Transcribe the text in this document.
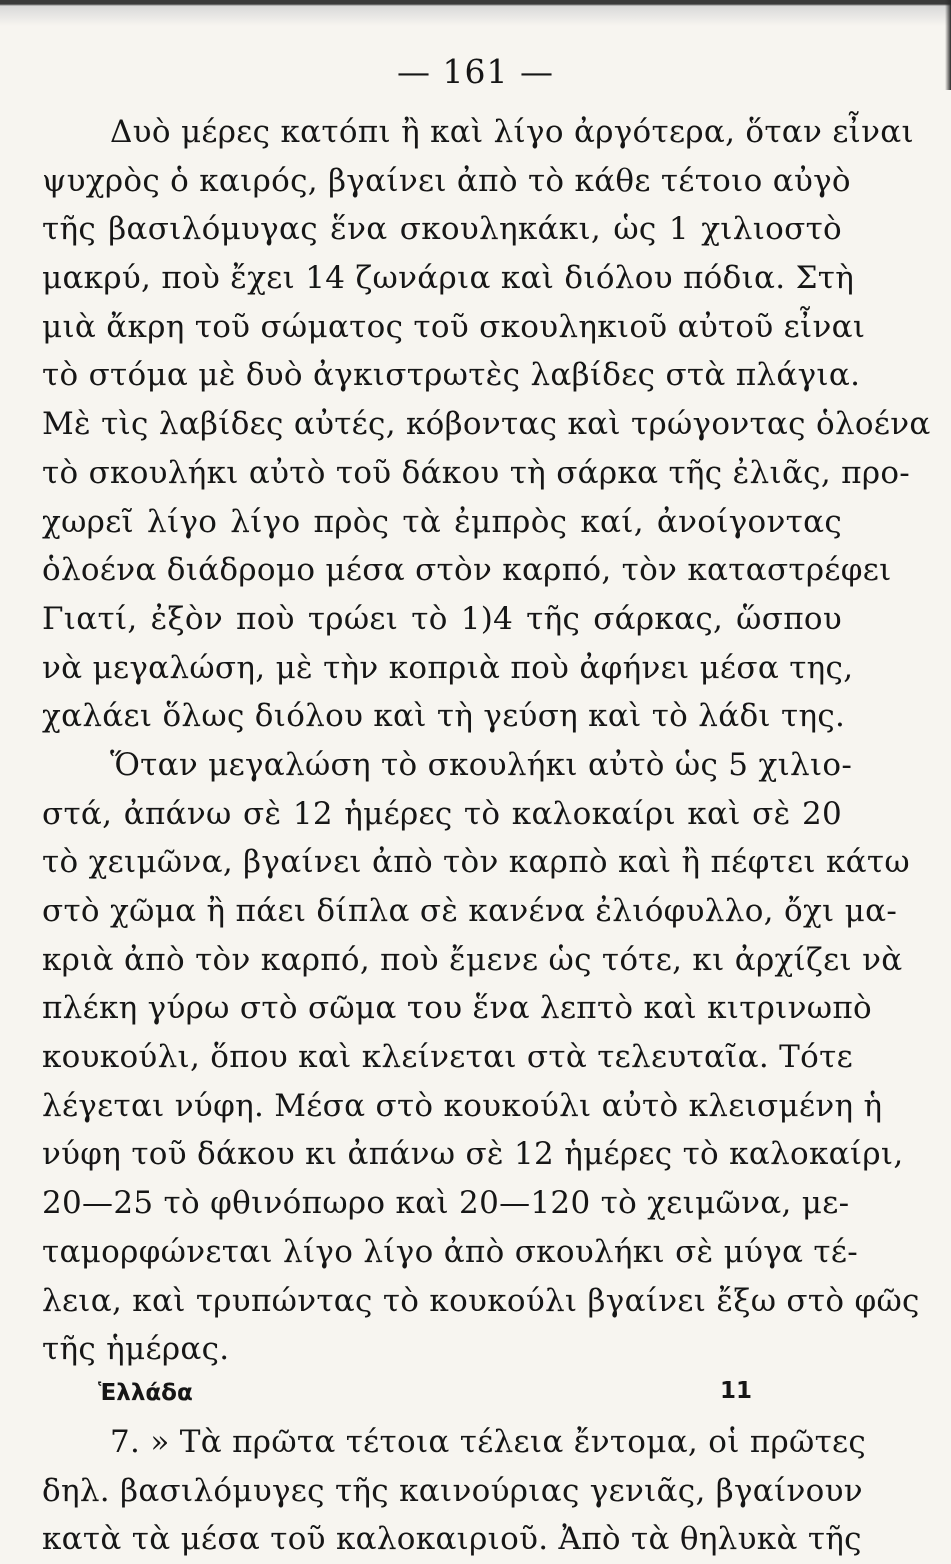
— 161 —
Δυὸ μέρες κατόπι ἢ καὶ λίγο ἀργότερα, ὅταν εἶναι
ψυχρὸς ὁ καιρός, βγαίνει ἀπὸ τὸ κάθε τέτοιο αὐγὸ
τῆς βασιλόμυγας ἕνα σκουληκάκι, ὡς 1 χιλιοστὸ
μακρύ, ποὺ ἔχει 14 ζωνάρια καὶ διόλου πόδια. Στὴ
μιὰ ἄκρη τοῦ σώματος τοῦ σκουληκιοῦ αὐτοῦ εἶναι
τὸ στόμα μὲ δυὸ ἀγκιστρωτὲς λαβίδες στὰ πλάγια.
Μὲ τὶς λαβίδες αὐτές, κόβοντας καὶ τρώγοντας ὁλοένα
τὸ σκουλήκι αὐτὸ τοῦ δάκου τὴ σάρκα τῆς ἐλιᾶς, προ-
χωρεῖ λίγο λίγο πρὸς τὰ ἐμπρὸς καί, ἀνοίγοντας
ὁλοένα διάδρομο μέσα στὸν καρπό, τὸν καταστρέφει
Γιατί, ἐξὸν ποὺ τρώει τὸ 1)4 τῆς σάρκας, ὥσπου
νὰ μεγαλώση, μὲ τὴν κοπριὰ ποὺ ἀφήνει μέσα της,
χαλάει ὅλως διόλου καὶ τὴ γεύση καὶ τὸ λάδι της.
Ὅταν μεγαλώση τὸ σκουλήκι αὐτὸ ὡς 5 χιλιο-
στά, ἀπάνω σὲ 12 ἡμέρες τὸ καλοκαίρι καὶ σὲ 20
τὸ χειμῶνα, βγαίνει ἀπὸ τὸν καρπὸ καὶ ἢ πέφτει κάτω
στὸ χῶμα ἢ πάει δίπλα σὲ κανένα ἐλιόφυλλο, ὄχι μα-
κριὰ ἀπὸ τὸν καρπό, ποὺ ἔμενε ὡς τότε, κι ἀρχίζει νὰ
πλέκη γύρω στὸ σῶμα του ἕνα λεπτὸ καὶ κιτρινωπὸ
κουκούλι, ὅπου καὶ κλείνεται στὰ τελευταῖα. Τότε
λέγεται νύφη. Μέσα στὸ κουκούλι αὐτὸ κλεισμένη ἡ
νύφη τοῦ δάκου κι ἀπάνω σὲ 12 ἡμέρες τὸ καλοκαίρι,
20—25 τὸ φθινόπωρο καὶ 20—120 τὸ χειμῶνα, με-
ταμορφώνεται λίγο λίγο ἀπὸ σκουλήκι σὲ μύγα τέ-
λεια, καὶ τρυπώντας τὸ κουκούλι βγαίνει ἔξω στὸ φῶς
τῆς ἡμέρας.
7. » Τὰ πρῶτα τέτοια τέλεια ἔντομα, οἱ πρῶτες
δηλ. βασιλόμυγες τῆς καινούριας γενιᾶς, βγαίνουν
κατὰ τὰ μέσα τοῦ καλοκαιριοῦ. Ἀπὸ τὰ θηλυκὰ τῆς
Ἑλλάδα	11
